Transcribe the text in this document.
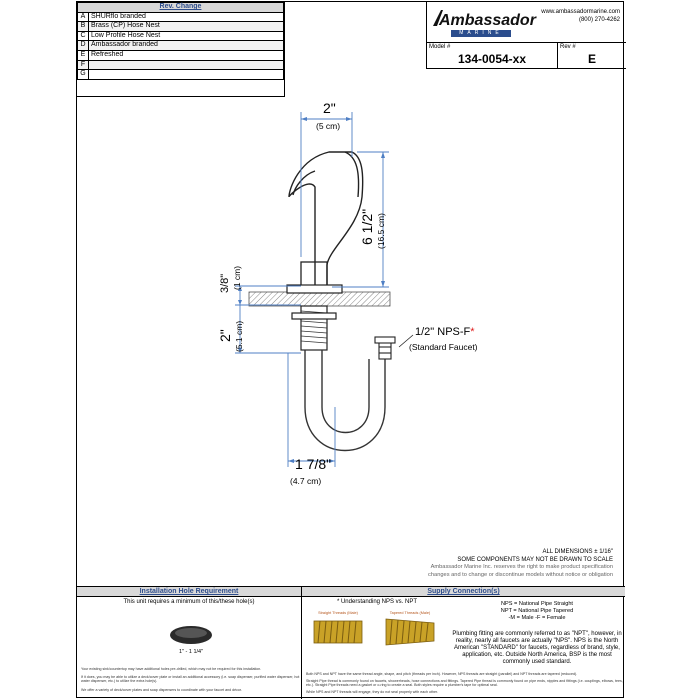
Rev. Change	
A	SHURflo branded
B	Brass (CP) Hose Nest
C	Low Profile Hose Nest
D	Ambassador branded
E	Refreshed
F	
G	
Ambassador
MARINE
www.ambassadormarine.com
(800) 270-4262
Model #
134-0054-xx
Rev #
E
2"
(5 cm)
6 1/2" (16.5 cm)
3/8" (1 cm)
2" (5.1 cm)
1 7/8"
(4.7 cm)
1/2" NPS-F*
(Standard Faucet)
ALL DIMENSIONS ± 1/16"
SOME COMPONENTS MAY NOT BE DRAWN TO SCALE
Ambassador Marine Inc. reserves the right to make product specification
changes and to change or discontinue models without notice or obligation
Installation Hole Requirement
This unit requires a minimum of this/these hole(s)
1" - 1 1/4"
Your existing sink/countertop may have additional holes pre-drilled, which may not be required for this installation.
If it does, you may be able to utilize a deck/cover plate or install an additional accessory (i.e. soap dispenser, purified water dispenser, hot water dispenser, etc.) to utilize the extra hole(s).
We offer a variety of deck/cover plates and soap dispensers to coordinate with your faucet and décor.
Supply Connection(s)
* Understanding NPS vs. NPT
Straight Threads (Male)	Tapered Threads (Male)
NPS = National Pipe Straight
NPT = National Pipe Tapered
-M = Male -F = Female
Plumbing fitting are commonly referred to as "NPT", however, in reality, nearly all faucets are actually "NPS". NPS is the North American "STANDARD" for faucets, regardless of brand, style, application, etc. Outside North America, BSP is the most commonly used standard.
Both NPS and NPT have the same thread angle, shape, and pitch (threads per inch). However, NPS threads are straight (parallel) and NPT threads are tapered (reduced).
Straight Pipe thread is commonly found on faucets, showerheads, hose connections and fittings. Tapered Pipe thread is commonly found on pipe ends, nipples and fittings (i.e. couplings, elbows, tees, etc.). Straight Pipe threads need a gasket or o-ring to create a seal. Both styles require a plumber's tape for optimal seal.
While NPS and NPT threads will engage, they do not seal properly with each other.
